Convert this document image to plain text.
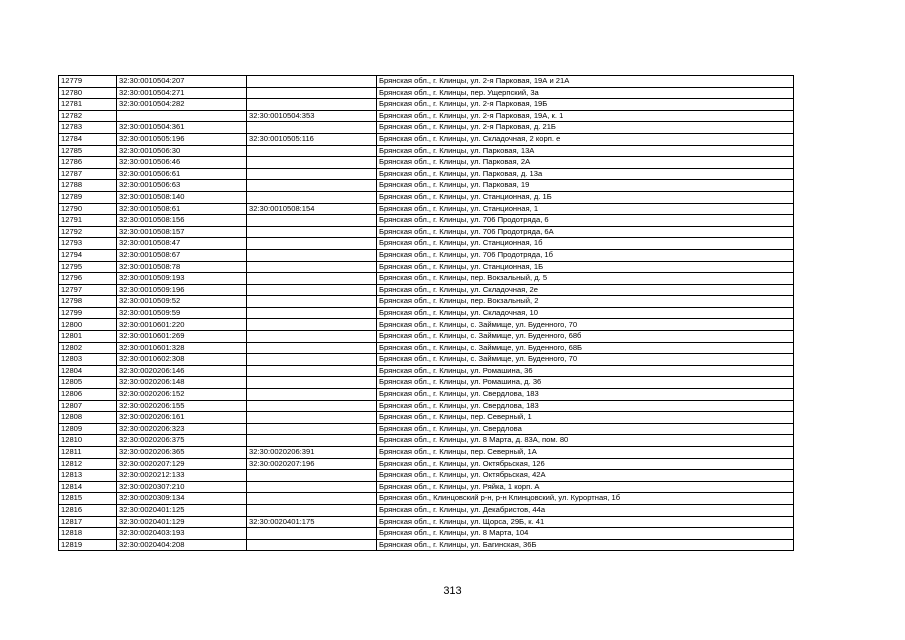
12779	32:30:0010504:207		Брянская обл., г. Клинцы, ул. 2-я Парковая, 19А и 21А
12780	32:30:0010504:271		Брянская обл., г. Клинцы, пер. Ущерпский, 3а
12781	32:30:0010504:282		Брянская обл., г. Клинцы, ул. 2-я Парковая, 19Б
12782		32:30:0010504:353	Брянская обл., г. Клинцы, ул. 2-я Парковая, 19А, к. 1
12783	32:30:0010504:361		Брянская обл., г. Клинцы, ул. 2-я Парковая, д. 21Б
12784	32:30:0010505:196	32:30:0010505:116	Брянская обл., г. Клинцы, ул. Складочная, 2 корп. е
12785	32:30:0010506:30		Брянская обл., г. Клинцы, ул. Парковая, 13А
12786	32:30:0010506:46		Брянская обл., г. Клинцы, ул. Парковая, 2А
12787	32:30:0010506:61		Брянская обл., г. Клинцы, ул. Парковая, д. 13а
12788	32:30:0010506:63		Брянская обл., г. Клинцы, ул. Парковая, 19
12789	32:30:0010508:140		Брянская обл., г. Клинцы, ул. Станционная, д. 1Б
12790	32:30:0010508:61	32:30:0010508:154	Брянская обл., г. Клинцы, ул. Станционная, 1
12791	32:30:0010508:156		Брянская обл., г. Клинцы, ул. 706 Продотряда, 6
12792	32:30:0010508:157		Брянская обл., г. Клинцы, ул. 706 Продотряда, 6А
12793	32:30:0010508:47		Брянская обл., г. Клинцы, ул. Станционная, 1б
12794	32:30:0010508:67		Брянская обл., г. Клинцы, ул. 706 Продотряда, 1б
12795	32:30:0010508:78		Брянская обл., г. Клинцы, ул. Станционная, 1Б
12796	32:30:0010509:193		Брянская обл., г. Клинцы, пер. Вокзальный, д. 5
12797	32:30:0010509:196		Брянская обл., г. Клинцы, ул. Складочная, 2е
12798	32:30:0010509:52		Брянская обл., г. Клинцы, пер. Вокзальный, 2
12799	32:30:0010509:59		Брянская обл., г. Клинцы, ул. Складочная, 10
12800	32:30:0010601:220		Брянская обл., г. Клинцы, с. Займище, ул. Буденного, 70
12801	32:30:0010601:269		Брянская обл., г. Клинцы, с. Займище, ул. Буденного, 68б
12802	32:30:0010601:328		Брянская обл., г. Клинцы, с. Займище, ул. Буденного, 68Б
12803	32:30:0010602:308		Брянская обл., г. Клинцы, с. Займище, ул. Буденного, 70
12804	32:30:0020206:146		Брянская обл., г. Клинцы, ул. Ромашина, 36
12805	32:30:0020206:148		Брянская обл., г. Клинцы, ул. Ромашина, д. 36
12806	32:30:0020206:152		Брянская обл., г. Клинцы, ул. Свердлова, 183
12807	32:30:0020206:155		Брянская обл., г. Клинцы, ул. Свердлова, 183
12808	32:30:0020206:161		Брянская обл., г. Клинцы, пер. Северный, 1
12809	32:30:0020206:323		Брянская обл., г. Клинцы, ул. Свердлова
12810	32:30:0020206:375		Брянская обл., г. Клинцы, ул. 8 Марта, д. 83А, пом. 80
12811	32:30:0020206:365	32:30:0020206:391	Брянская обл., г. Клинцы, пер. Северный, 1А
12812	32:30:0020207:129	32:30:0020207:196	Брянская обл., г. Клинцы, ул. Октябрьская, 126
12813	32:30:0020212:133		Брянская обл., г. Клинцы, ул. Октябрьская, 42А
12814	32:30:0020307:210		Брянская обл., г. Клинцы, ул. Ряйка, 1 корп. А
12815	32:30:0020309:134		Брянская обл., Клинцовский р-н, р-н Клинцовский, ул. Курортная, 1б
12816	32:30:0020401:125		Брянская обл., г. Клинцы, ул. Декабристов, 44а
12817	32:30:0020401:129	32:30:0020401:175	Брянская обл., г. Клинцы, ул. Щорса, 29Б, к. 41
12818	32:30:0020403:193		Брянская обл., г. Клинцы, ул. 8 Марта, 104
12819	32:30:0020404:208		Брянская обл., г. Клинцы, ул. Багинская, 36Б
313
